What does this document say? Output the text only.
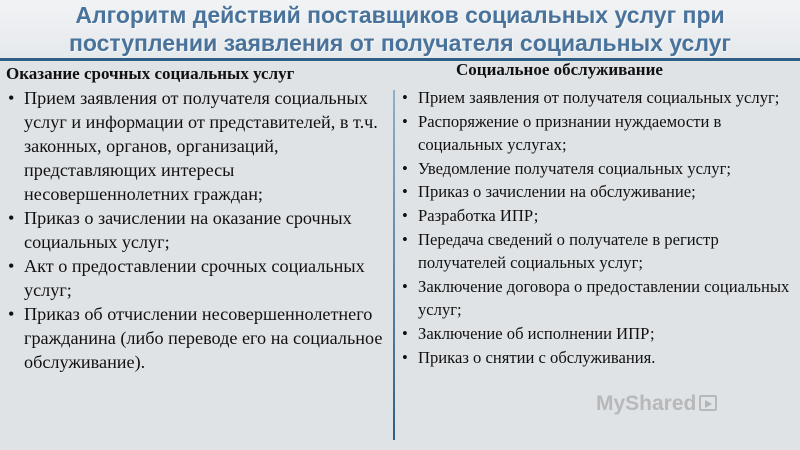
Алгоритм действий поставщиков социальных услуг при
поступлении заявления от получателя социальных услуг
Оказание срочных социальных услуг	Социальное обслуживание
• Прием заявления от получателя социальных услуг и информации от представителей, в т.ч. законных, органов, организаций, представляющих интересы несовершеннолетних граждан;
• Приказ о зачислении на оказание срочных социальных услуг;
• Акт о предоставлении срочных социальных услуг;
• Приказ об отчислении несовершеннолетнего гражданина (либо переводе его на социальное обслуживание).
• Прием заявления от получателя социальных услуг;
• Распоряжение о признании нуждаемости в социальных услугах;
• Уведомление получателя социальных услуг;
• Приказ о зачислении на обслуживание;
• Разработка ИПР;
• Передача сведений о получателе в регистр получателей социальных услуг;
• Заключение договора о предоставлении социальных услуг;
• Заключение об исполнении ИПР;
• Приказ о снятии с обслуживания.
MyShared
